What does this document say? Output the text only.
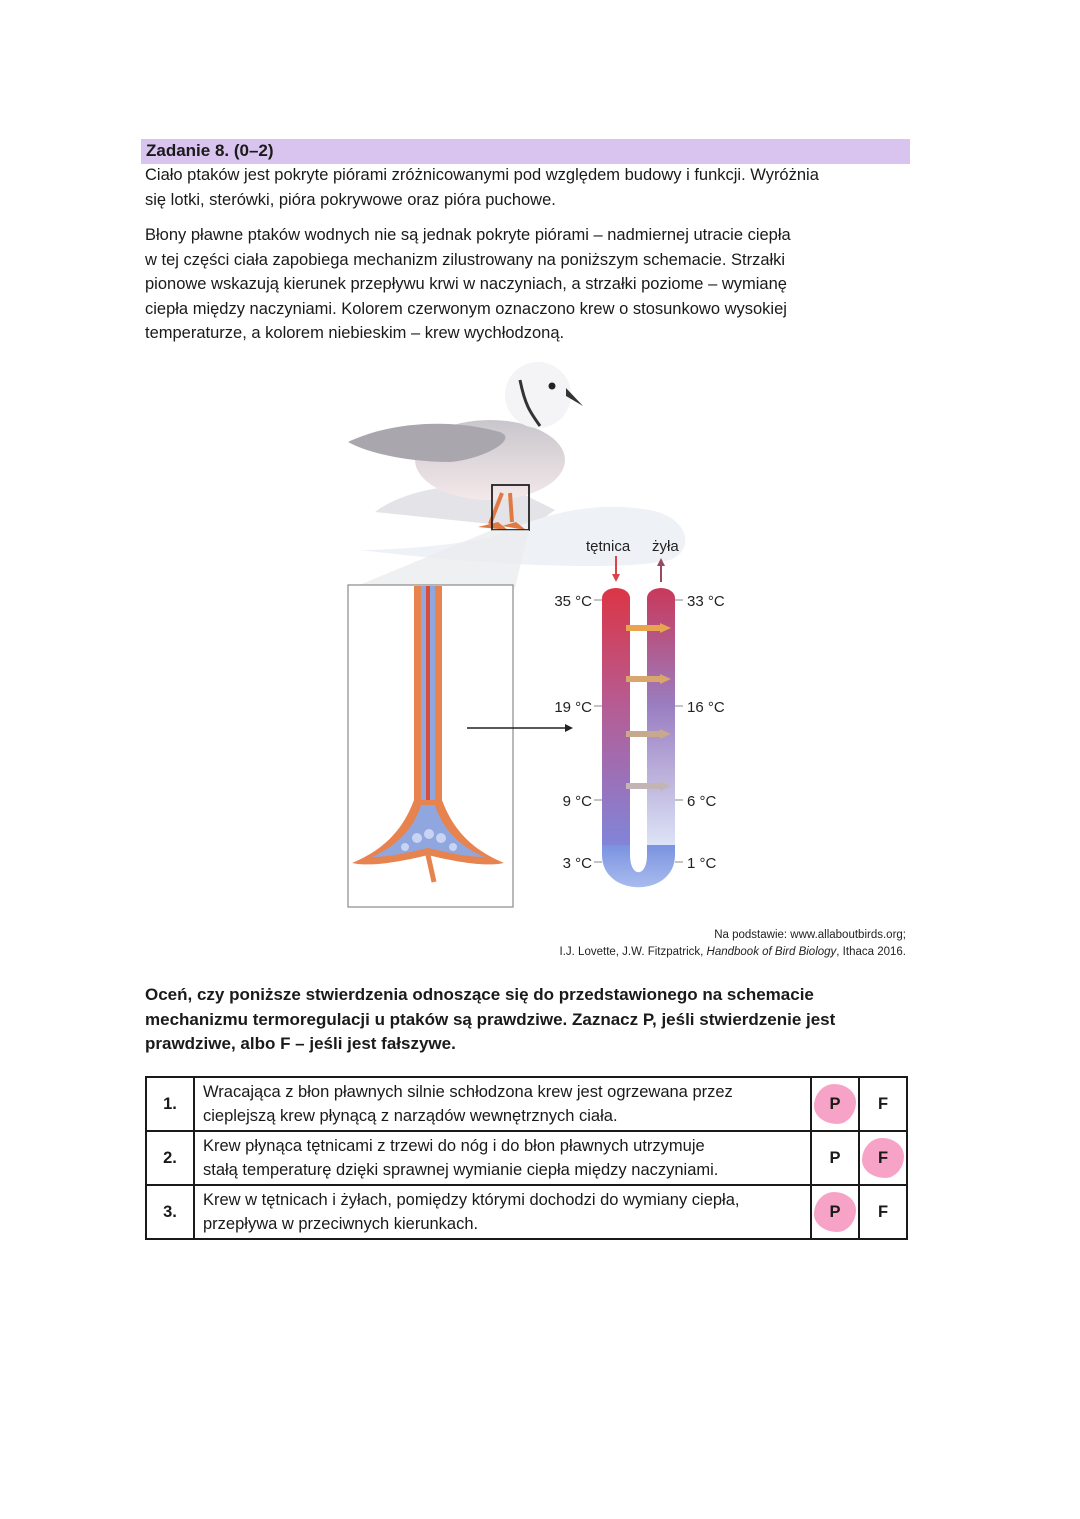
Zadanie 8. (0–2)

Ciało ptaków jest pokryte piórami zróżnicowanymi pod względem budowy i funkcji. Wyróżnia
się lotki, sterówki, pióra pokrywowe oraz pióra puchowe.

Błony pławne ptaków wodnych nie są jednak pokryte piórami – nadmiernej utracie ciepła
w tej części ciała zapobiega mechanizm zilustrowany na poniższym schemacie. Strzałki
pionowe wskazują kierunek przepływu krwi w naczyniach, a strzałki poziome – wymianę
ciepła między naczyniami. Kolorem czerwonym oznaczono krew o stosunkowo wysokiej
temperaturze, a kolorem niebieskim – krew wychłodzoną.

tętnica żyła
35 °C
19 °C
9 °C
3 °C
33 °C
16 °C
6 °C
1 °C
Na podstawie: www.allaboutbirds.org;
I.J. Lovette, J.W. Fitzpatrick, Handbook of Bird Biology, Ithaca 2016.

Oceń, czy poniższe stwierdzenia odnoszące się do przedstawionego na schemacie
mechanizmu termoregulacji u ptaków są prawdziwe. Zaznacz P, jeśli stwierdzenie jest
prawdziwe, albo F – jeśli jest fałszywe.

1.	Wracająca z błon pławnych silnie schłodzona krew jest ogrzewana przez
cieplejszą krew płynącą z narządów wewnętrznych ciała.	P	F
2.	Krew płynąca tętnicami z trzewi do nóg i do błon pławnych utrzymuje
stałą temperaturę dzięki sprawnej wymianie ciepła między naczyniami.	P	F
3.	Krew w tętnicach i żyłach, pomiędzy którymi dochodzi do wymiany ciepła,
przepływa w przeciwnych kierunkach.	P	F
